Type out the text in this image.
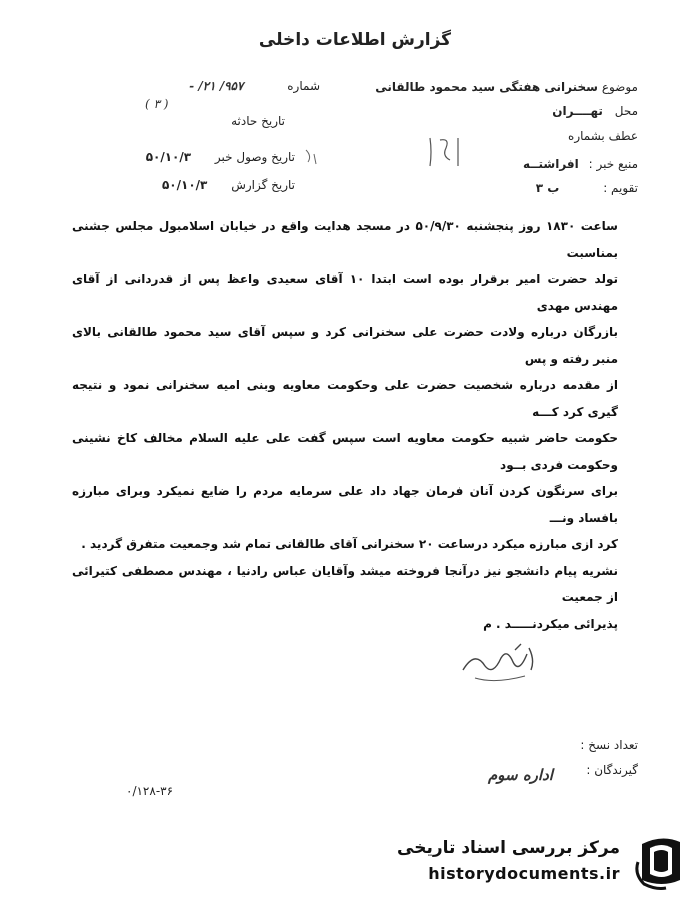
گزارش اطلاعات داخلی
موضوع سخنرانی هفتگی سید محمود طالقانی
محل تهــــران
عطف بشماره
منبع خبر : افراشتــه
تقویم : ب ۳
شماره ۹۵۷/ ۲۱/ -
( ۳ )
تاریخ حادثه
تاریخ وصول خبر ۵۰/۱۰/۳
تاریخ گزارش ۵۰/۱۰/۳

ساعت ۱۸۳۰ روز پنجشنبه ۵۰/۹/۳۰ در مسجد هدایت واقع در خیابان اسلامبول مجلس جشنی بمناسبت

تولد حضرت امیر برقرار بوده است ابتدا ۱۰ آقای سعیدی واعظ پس از قدردانی از آقای مهندس مهدی

بازرگان درباره ولادت حضرت علی سخنرانی کرد و سپس آقای سید محمود طالقانی بالای منبر رفته و پس

از مقدمه درباره شخصیت حضرت علی وحکومت معاویه وبنی امیه سخنرانی نمود و نتیجه گیری کرد کـــه

حکومت حاضر شبیه حکومت معاویه است سپس گفت علی علیه السلام مخالف کاخ نشینی وحکومت فردی بــود

برای سرنگون کردن آنان فرمان جهاد داد علی سرمایه مردم را ضایع نمیکرد وبرای مبارزه بافساد ونـــ

کرد ازی مبارزه میکرد درساعت ۲۰ سخنرانی آقای طالقانی تمام شد وجمعیت متفرق گردید .

نشریه پیام دانشجو نیز درآنجا فروخته میشد وآقایان عباس رادنیا ، مهندس مصطفی کتیرائی از جمعیت

پذیرائی میکردنـــــد . م

تعداد نسخ :
گیرندگان :
اداره سوم
۰/۱۲۸-۳۶
مرکز بررسی اسناد تاریخی
historydocuments.ir
